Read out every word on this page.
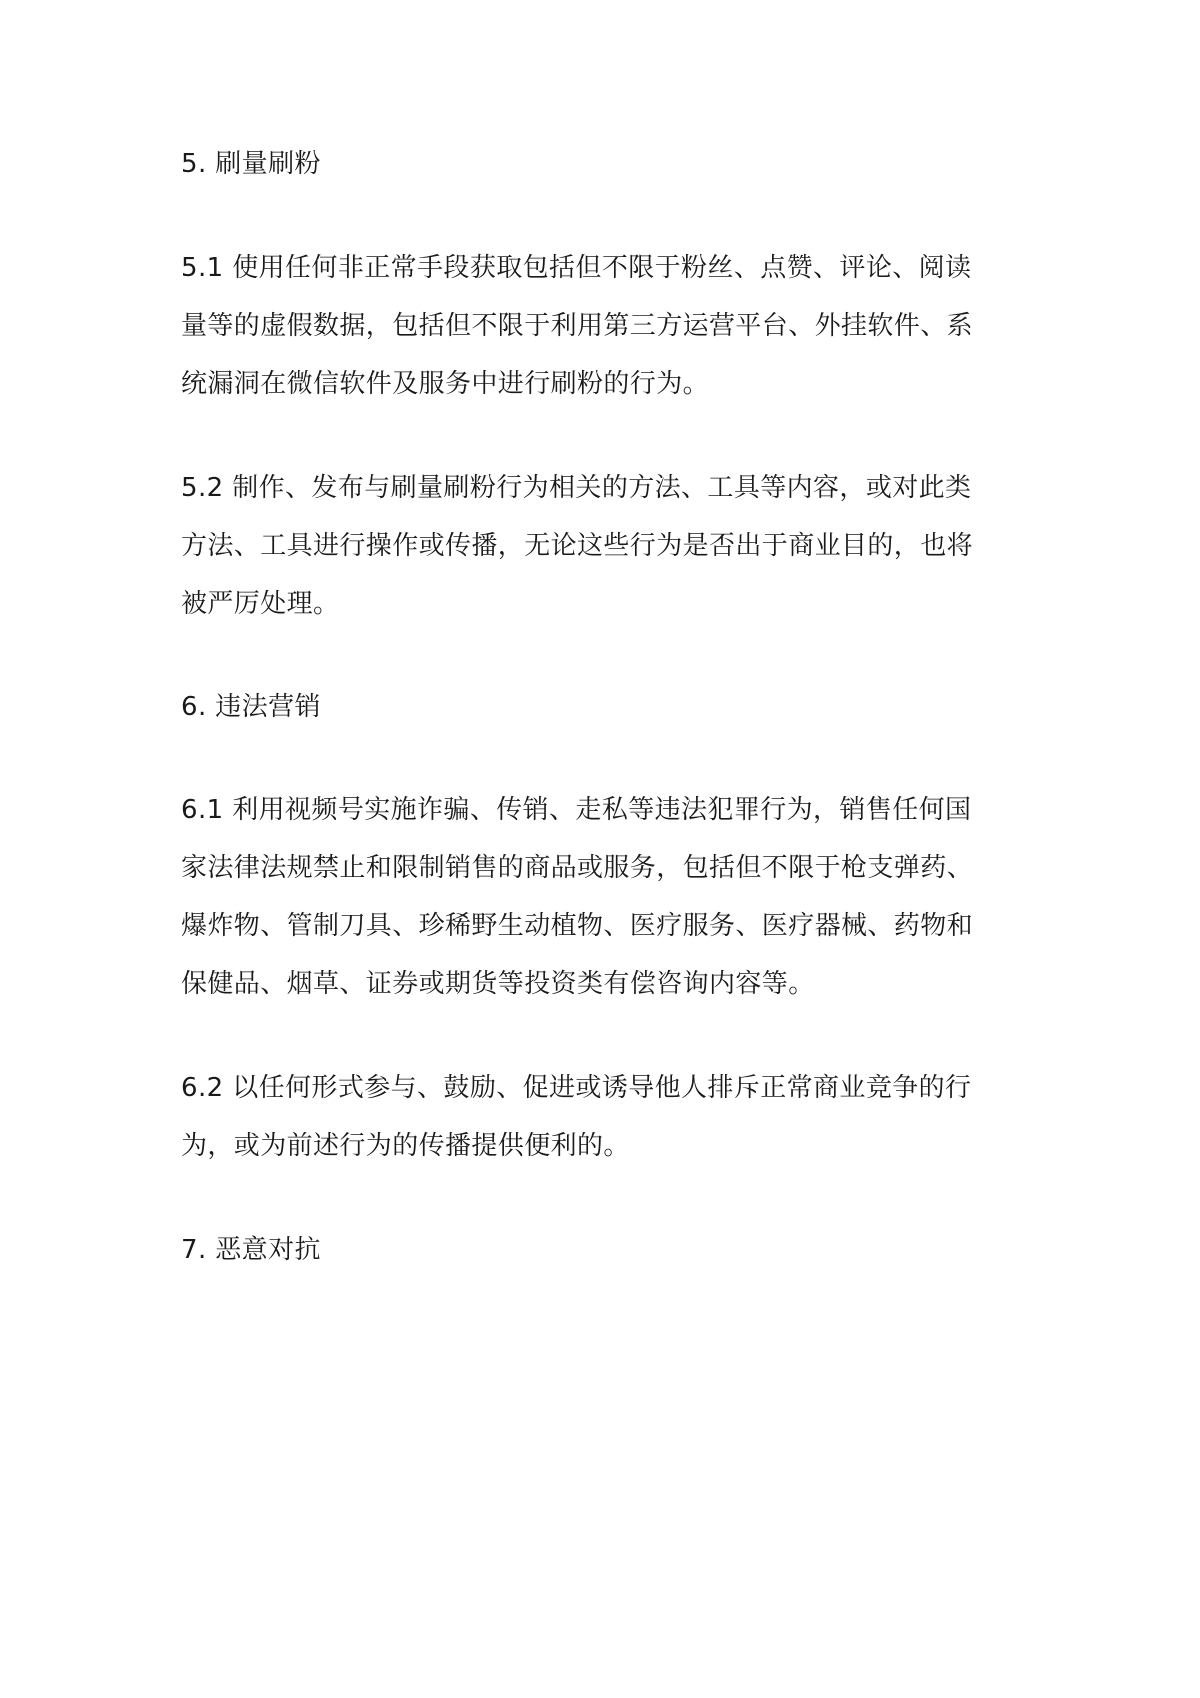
5. 刷量刷粉
5.1 使用任何非正常手段获取包括但不限于粉丝、点赞、评论、阅读
量等的虚假数据，包括但不限于利用第三方运营平台、外挂软件、系
统漏洞在微信软件及服务中进行刷粉的行为。
5.2 制作、发布与刷量刷粉行为相关的方法、工具等内容，或对此类
方法、工具进行操作或传播，无论这些行为是否出于商业目的，也将
被严厉处理。
6. 违法营销
6.1 利用视频号实施诈骗、传销、走私等违法犯罪行为，销售任何国
家法律法规禁止和限制销售的商品或服务，包括但不限于枪支弹药、
爆炸物、管制刀具、珍稀野生动植物、医疗服务、医疗器械、药物和
保健品、烟草、证券或期货等投资类有偿咨询内容等。
6.2 以任何形式参与、鼓励、促进或诱导他人排斥正常商业竞争的行
为，或为前述行为的传播提供便利的。
7. 恶意对抗
